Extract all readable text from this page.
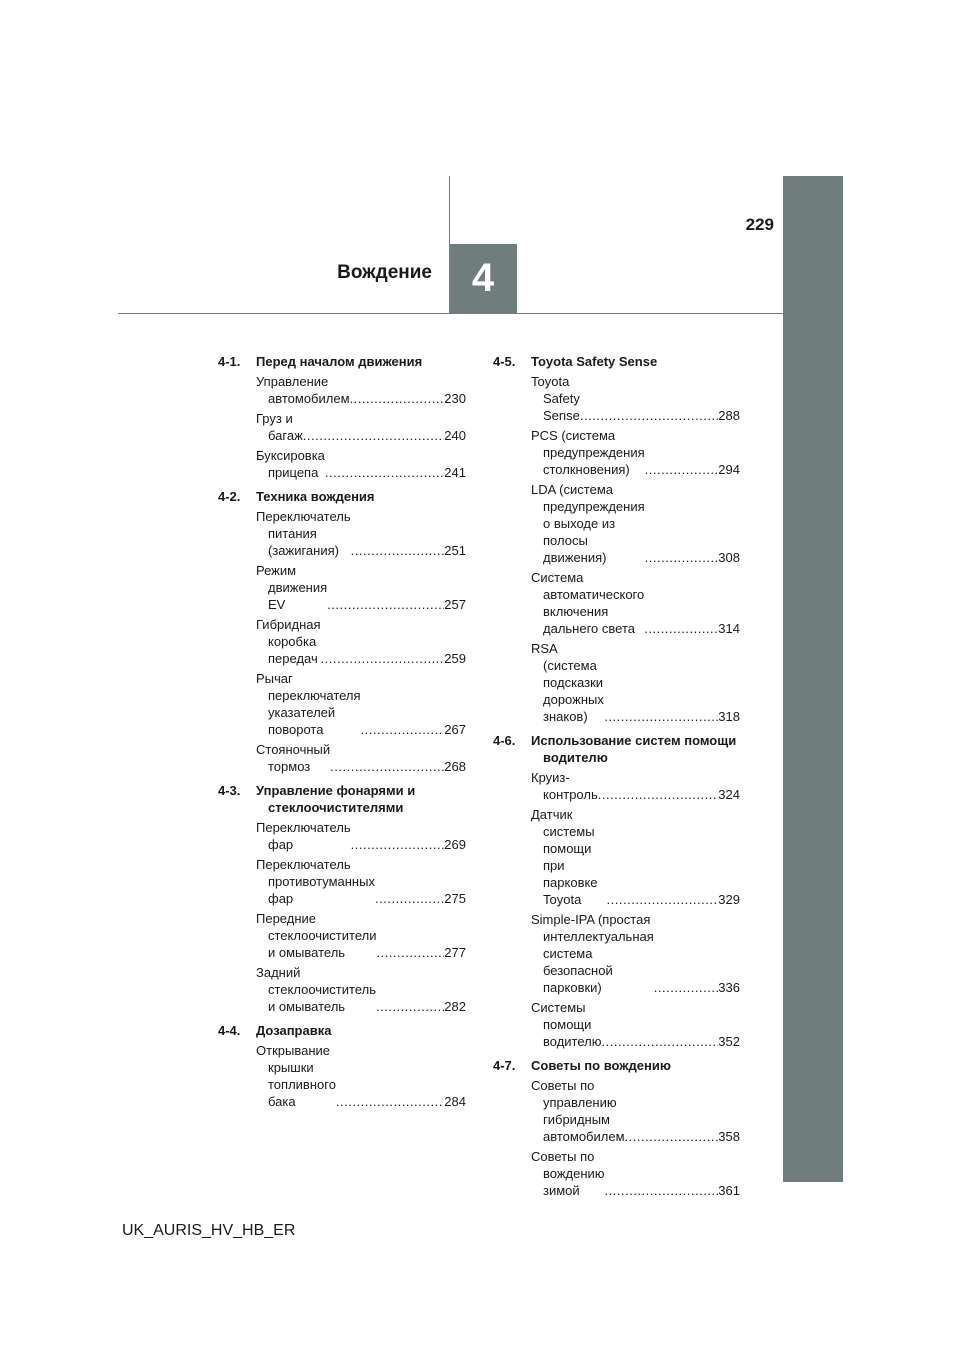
229
4
Вождение
4-1. Перед началом движения
Управление автомобилем .....	230
Груз и багаж .....	240
Буксировка прицепа .....	241
4-2. Техника вождения
Переключатель питания (зажигания) .....	251
Режим движения EV .....	257
Гибридная коробка передач .....	259
Рычаг переключателя указателей поворота .....	267
Стояночный тормоз .....	268
4-3. Управление фонарями и стеклоочистителями
Переключатель фар .....	269
Переключатель противотуманных фар .....	275
Передние стеклоочистители и омыватель .....	277
Задний стеклоочиститель и омыватель .....	282
4-4. Дозаправка
Открывание крышки топливного бака .....	284
4-5. Toyota Safety Sense
Toyota Safety Sense .....	288
PCS (система предупреждения столкновения) .....	294
LDA (система предупреждения о выходе из полосы движения) .....	308
Система автоматического включения дальнего света .....	314
RSA (система подсказки дорожных знаков) .....	318
4-6. Использование систем помощи водителю
Круиз-контроль .....	324
Датчик системы помощи при парковке Toyota .....	329
Simple-IPA (простая интеллектуальная система безопасной парковки) .....	336
Системы помощи водителю .....	352
4-7. Советы по вождению
Советы по управлению гибридным автомобилем .....	358
Советы по вождению зимой .....	361
UK_AURIS_HV_HB_ER
